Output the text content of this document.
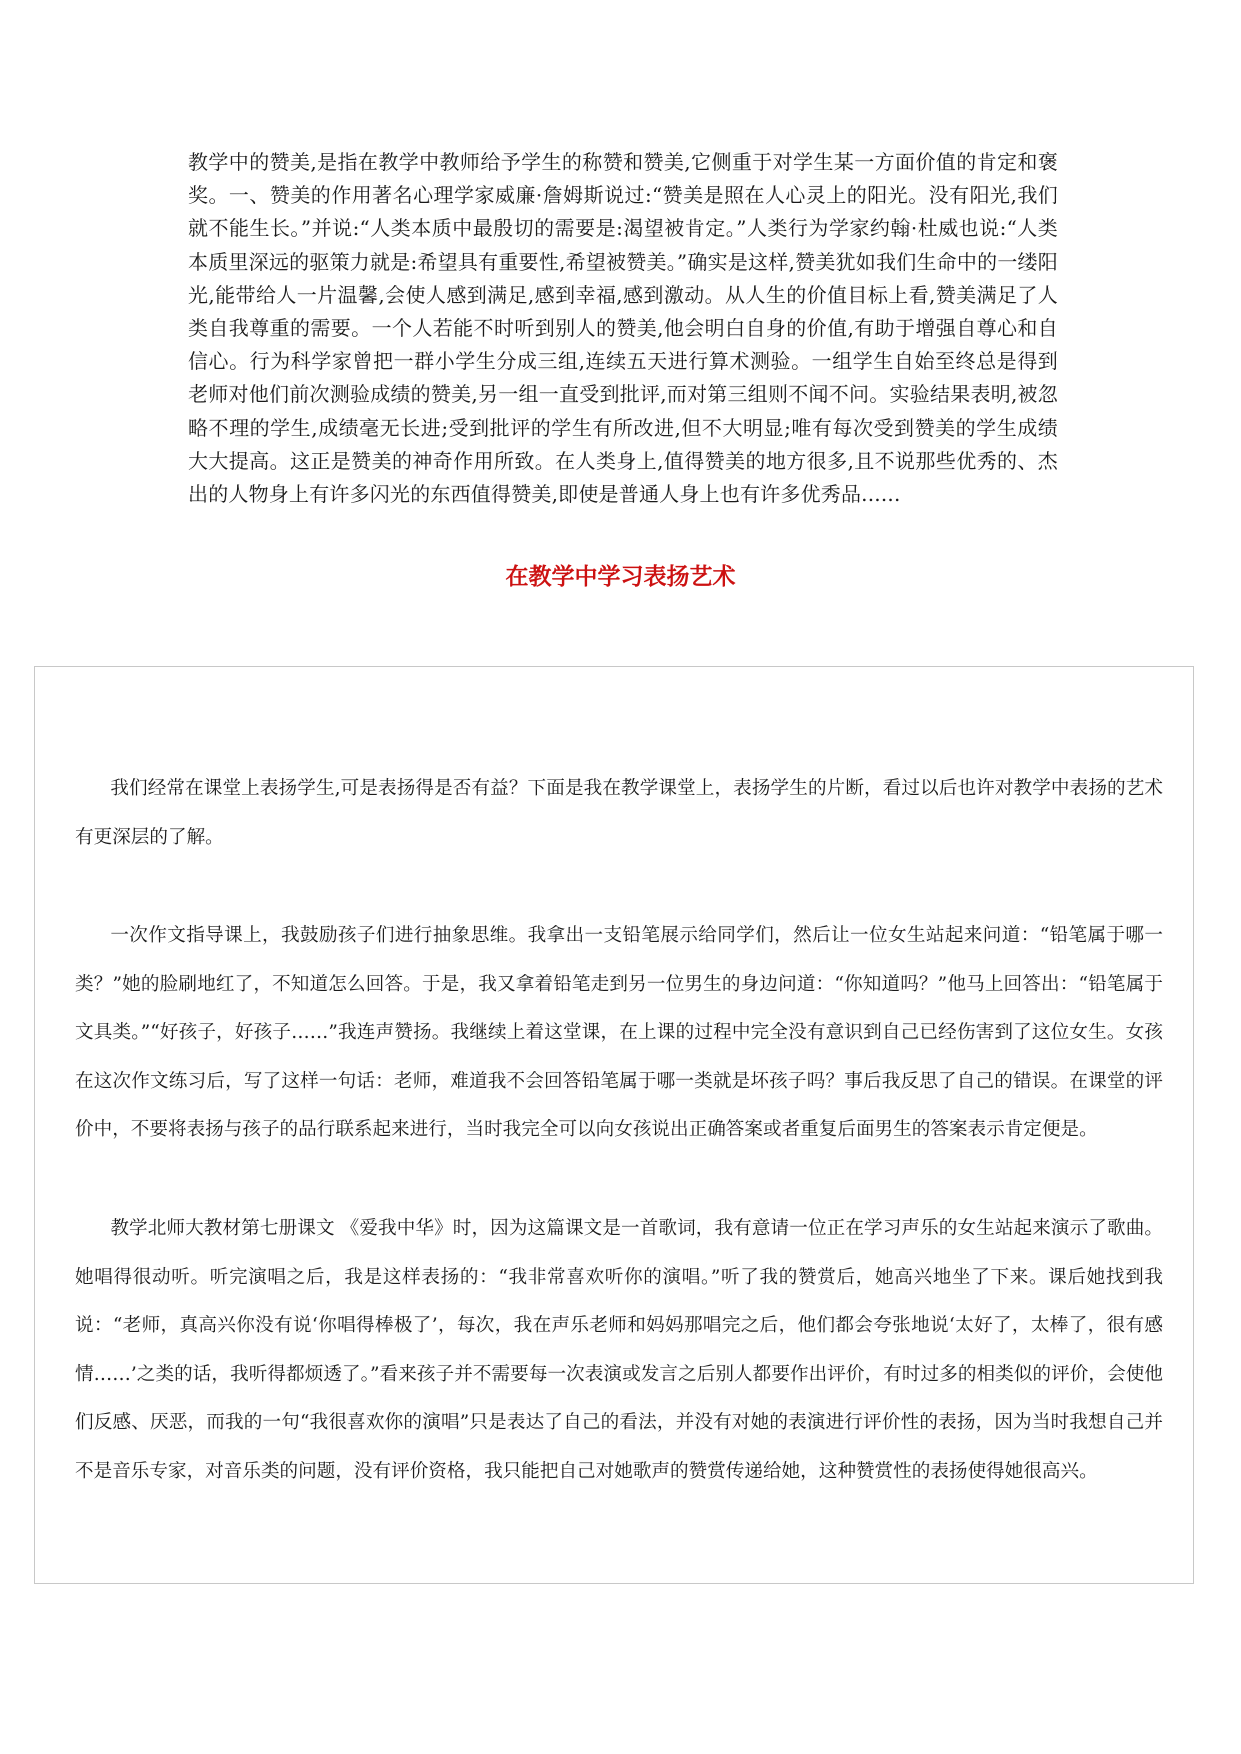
教学中的赞美,是指在教学中教师给予学生的称赞和赞美,它侧重于对学生某一方面价值的肯定和褒奖。一、赞美的作用著名心理学家威廉·詹姆斯说过:“赞美是照在人心灵上的阳光。没有阳光,我们就不能生长。”并说:“人类本质中最殷切的需要是:渴望被肯定。”人类行为学家约翰·杜威也说:“人类本质里深远的驱策力就是:希望具有重要性,希望被赞美。”确实是这样,赞美犹如我们生命中的一缕阳光,能带给人一片温馨,会使人感到满足,感到幸福,感到激动。从人生的价值目标上看,赞美满足了人类自我尊重的需要。一个人若能不时听到别人的赞美,他会明白自身的价值,有助于增强自尊心和自信心。行为科学家曾把一群小学生分成三组,连续五天进行算术测验。一组学生自始至终总是得到老师对他们前次测验成绩的赞美,另一组一直受到批评,而对第三组则不闻不问。实验结果表明,被忽略不理的学生,成绩毫无长进;受到批评的学生有所改进,但不大明显;唯有每次受到赞美的学生成绩大大提高。这正是赞美的神奇作用所致。在人类身上,值得赞美的地方很多,且不说那些优秀的、杰出的人物身上有许多闪光的东西值得赞美,即使是普通人身上也有许多优秀品......

在教学中学习表扬艺术

我们经常在课堂上表扬学生,可是表扬得是否有益？下面是我在教学课堂上，表扬学生的片断，看过以后也许对教学中表扬的艺术有更深层的了解。

一次作文指导课上，我鼓励孩子们进行抽象思维。我拿出一支铅笔展示给同学们，然后让一位女生站起来问道：“铅笔属于哪一类？”她的脸刷地红了，不知道怎么回答。于是，我又拿着铅笔走到另一位男生的身边问道：“你知道吗？”他马上回答出：“铅笔属于文具类。”“好孩子，好孩子……”我连声赞扬。我继续上着这堂课，在上课的过程中完全没有意识到自己已经伤害到了这位女生。女孩在这次作文练习后，写了这样一句话：老师，难道我不会回答铅笔属于哪一类就是坏孩子吗？事后我反思了自己的错误。在课堂的评价中，不要将表扬与孩子的品行联系起来进行，当时我完全可以向女孩说出正确答案或者重复后面男生的答案表示肯定便是。

教学北师大教材第七册课文 《爱我中华》时，因为这篇课文是一首歌词，我有意请一位正在学习声乐的女生站起来演示了歌曲。她唱得很动听。听完演唱之后，我是这样表扬的：“我非常喜欢听你的演唱。”听了我的赞赏后，她高兴地坐了下来。课后她找到我说：“老师，真高兴你没有说‘你唱得棒极了’，每次，我在声乐老师和妈妈那唱完之后，他们都会夸张地说‘太好了，太棒了，很有感情……’之类的话，我听得都烦透了。”看来孩子并不需要每一次表演或发言之后别人都要作出评价，有时过多的相类似的评价，会使他们反感、厌恶，而我的一句“我很喜欢你的演唱”只是表达了自己的看法，并没有对她的表演进行评价性的表扬，因为当时我想自己并不是音乐专家，对音乐类的问题，没有评价资格，我只能把自己对她歌声的赞赏传递给她，这种赞赏性的表扬使得她很高兴。
